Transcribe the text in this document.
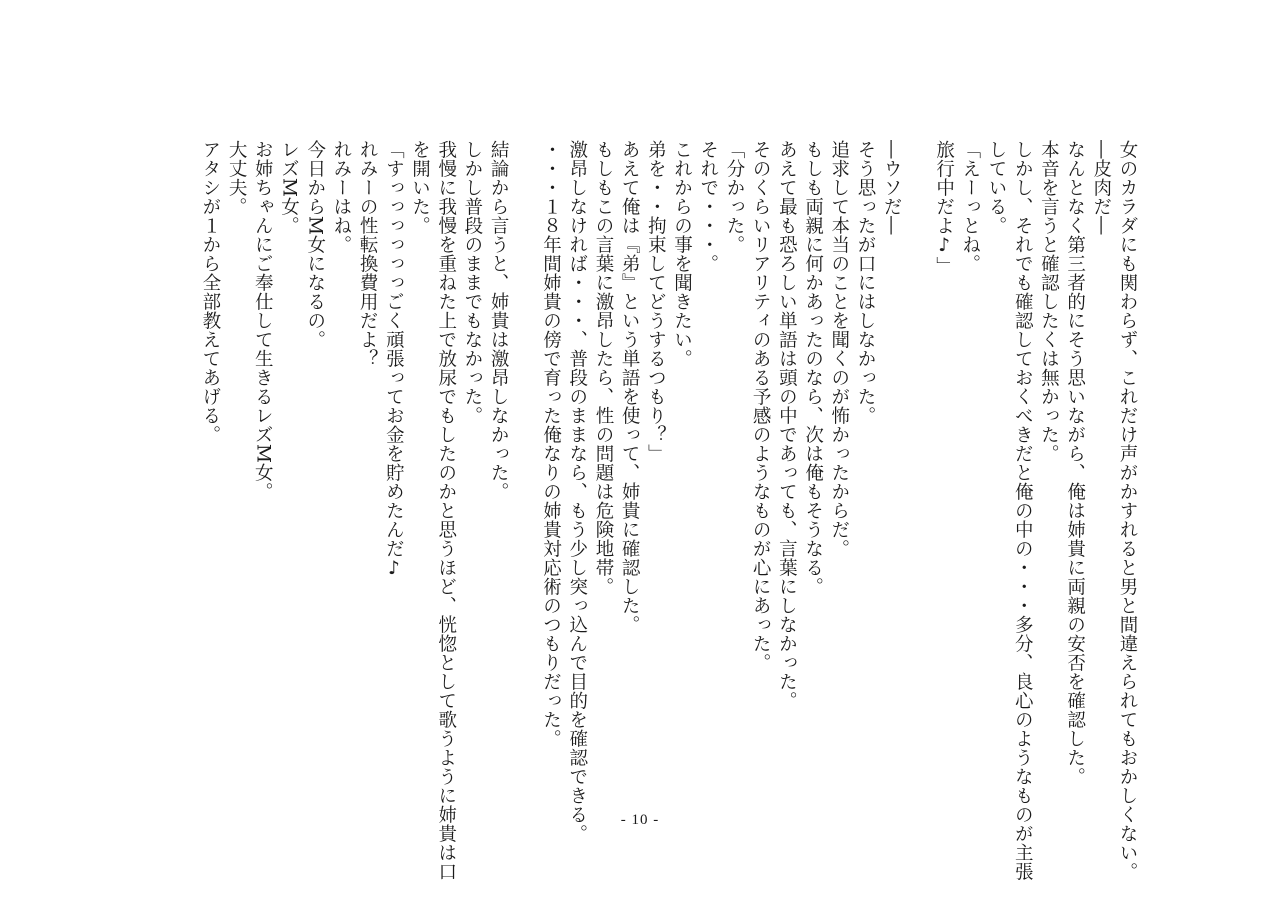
女のカラダにも関わらず、これだけ声がかすれると男と間違えられてもおかしくない。
―皮肉だ―
なんとなく第三者的にそう思いながら、俺は姉貴に両親の安否を確認した。
本音を言うと確認したくは無かった。
しかし、それでも確認しておくべきだと俺の中の・・・多分、良心のようなものが主張
している。
「えーっとね。
旅行中だよ♪」

―ウソだ―
そう思ったが口にはしなかった。
追求して本当のことを聞くのが怖かったからだ。
もしも両親に何かあったのなら、次は俺もそうなる。
あえて最も恐ろしい単語は頭の中であっても、言葉にしなかった。
そのくらいリアリティのある予感のようなものが心にあった。
「分かった。
それで・・・。
これからの事を聞きたい。
弟を・・拘束してどうするつもり？」
あえて俺は『弟』という単語を使って、姉貴に確認した。
もしもこの言葉に激昂したら、性の問題は危険地帯。
激昂しなければ・・・、普段のままなら、もう少し突っ込んで目的を確認できる。
・・・１８年間姉貴の傍で育った俺なりの姉貴対応術のつもりだった。

結論から言うと、姉貴は激昂しなかった。
しかし普段のままでもなかった。
我慢に我慢を重ねた上で放尿でもしたのかと思うほど、恍惚として歌うように姉貴は口
を開いた。
「すっっっっっっごく頑張ってお金を貯めたんだ♪
れみーの性転換費用だよ？
れみーはね。
今日からM女になるの。
レズM女。
お姉ちゃんにご奉仕して生きるレズM女。
大丈夫。
アタシが１から全部教えてあげる。
- 10 -
